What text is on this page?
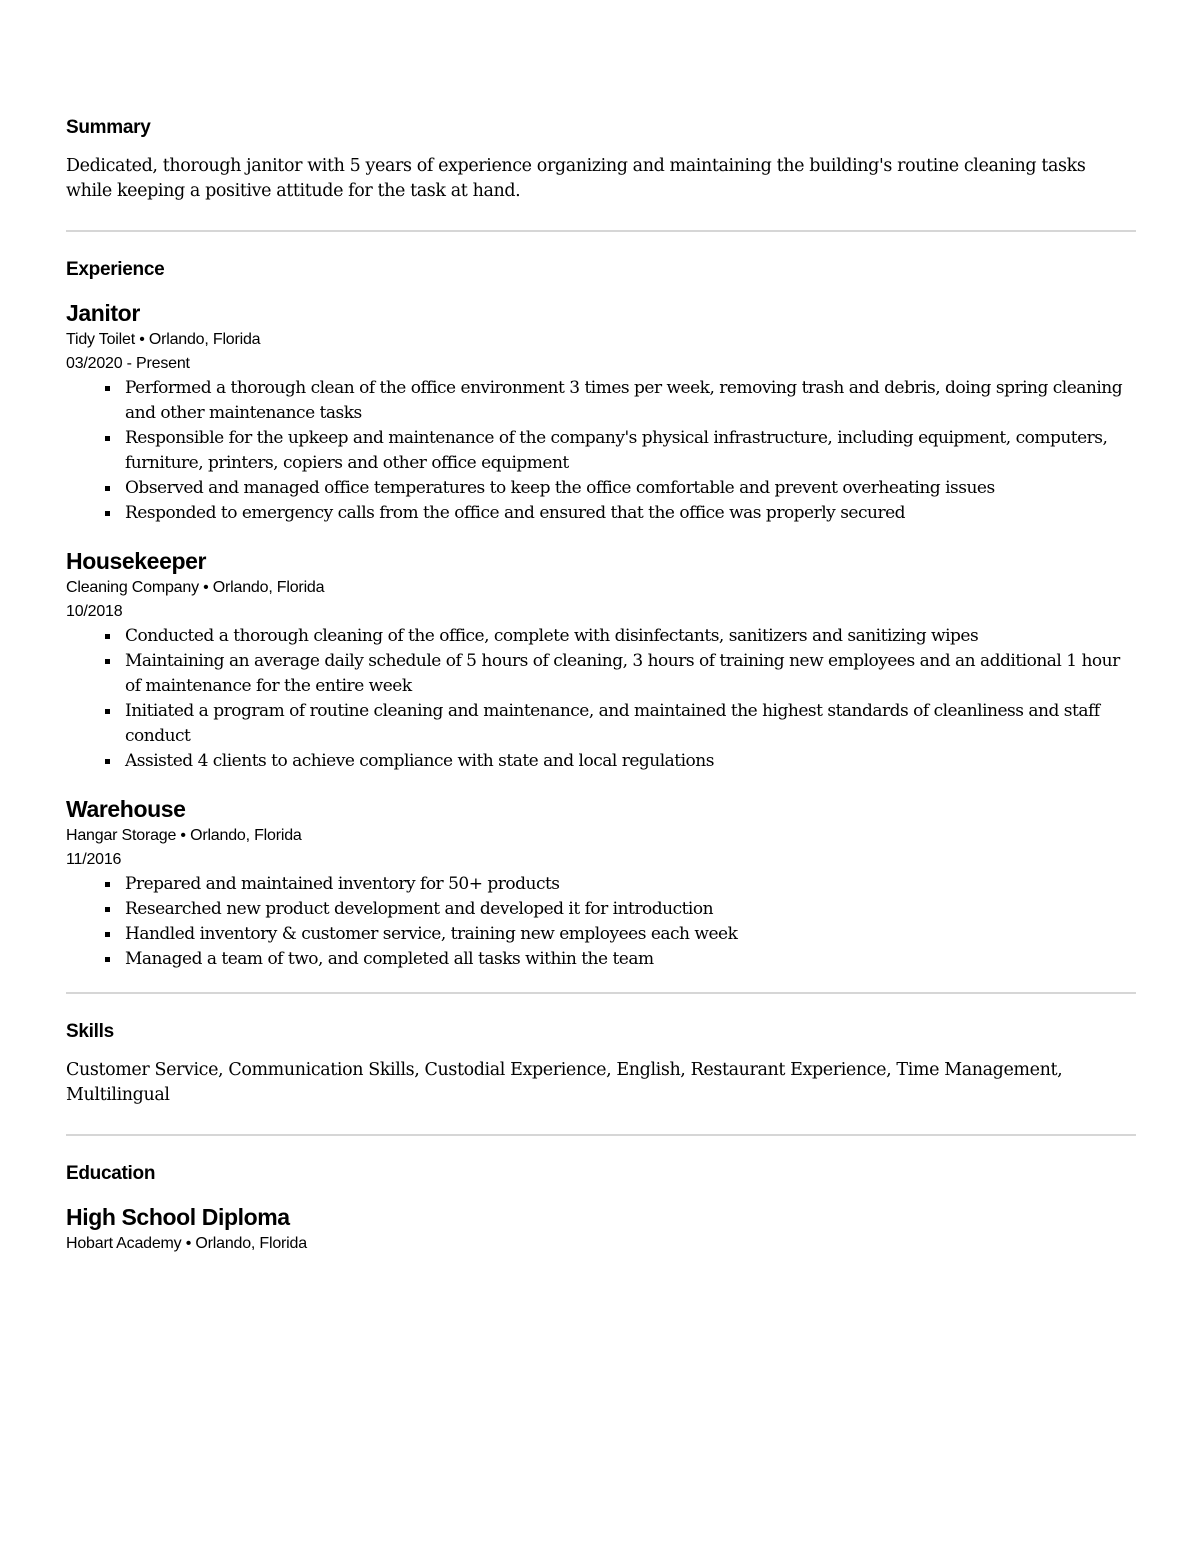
Summary

Dedicated, thorough janitor with 5 years of experience organizing and maintaining the building's routine cleaning tasks while keeping a positive attitude for the task at hand.

Experience
Janitor

Tidy Toilet • Orlando, Florida

03/2020 - Present

Performed a thorough clean of the office environment 3 times per week, removing trash and debris, doing spring cleaning and other maintenance tasks
Responsible for the upkeep and maintenance of the company's physical infrastructure, including equipment, computers, furniture, printers, copiers and other office equipment
Observed and managed office temperatures to keep the office comfortable and prevent overheating issues
Responded to emergency calls from the office and ensured that the office was properly secured
Housekeeper

Cleaning Company • Orlando, Florida

10/2018

Conducted a thorough cleaning of the office, complete with disinfectants, sanitizers and sanitizing wipes
Maintaining an average daily schedule of 5 hours of cleaning, 3 hours of training new employees and an additional 1 hour of maintenance for the entire week
Initiated a program of routine cleaning and maintenance, and maintained the highest standards of cleanliness and staff conduct
Assisted 4 clients to achieve compliance with state and local regulations
Warehouse

Hangar Storage • Orlando, Florida

11/2016

Prepared and maintained inventory for 50+ products
Researched new product development and developed it for introduction
Handled inventory & customer service, training new employees each week
Managed a team of two, and completed all tasks within the team
Skills

Customer Service, Communication Skills, Custodial Experience, English, Restaurant Experience, Time Management, Multilingual

Education
High School Diploma

Hobart Academy • Orlando, Florida
